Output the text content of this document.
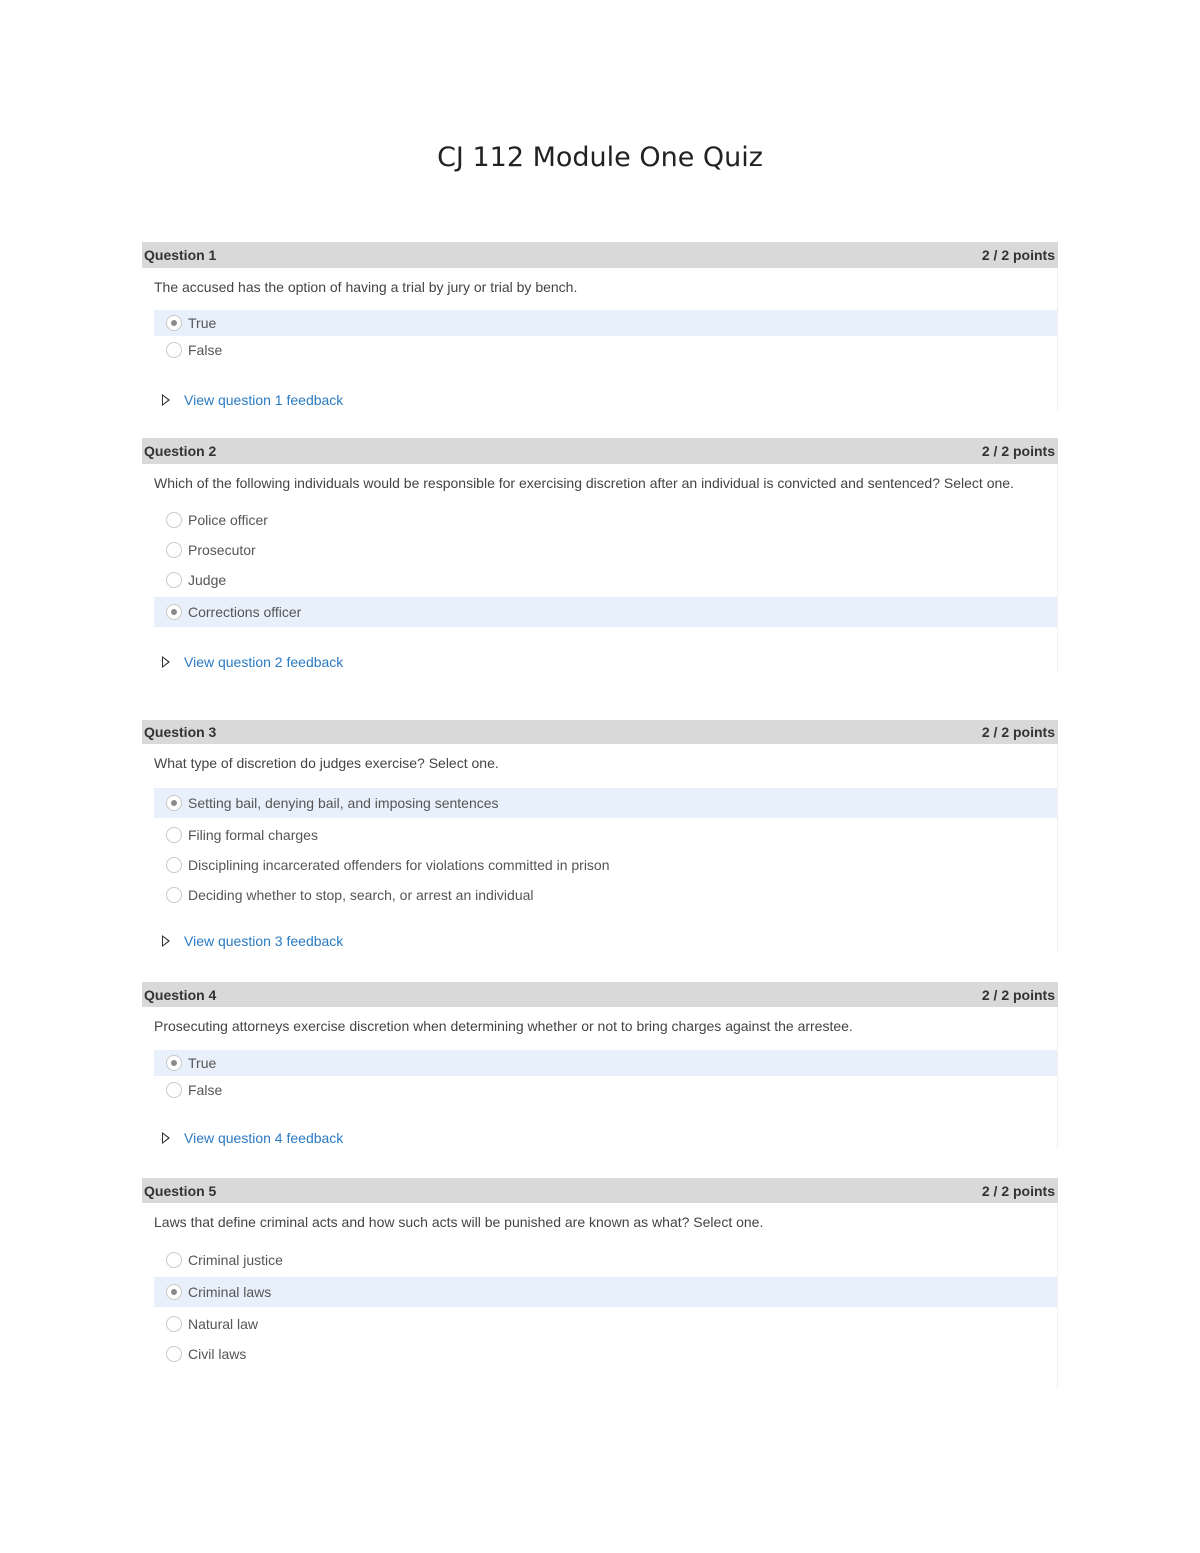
CJ 112 Module One Quiz
Question 1	2 / 2 points
The accused has the option of having a trial by jury or trial by bench.
True
False
View question 1 feedback
Question 2	2 / 2 points
Which of the following individuals would be responsible for exercising discretion after an individual is convicted and sentenced? Select one.
Police officer
Prosecutor
Judge
Corrections officer
View question 2 feedback
Question 3	2 / 2 points
What type of discretion do judges exercise? Select one.
Setting bail, denying bail, and imposing sentences
Filing formal charges
Disciplining incarcerated offenders for violations committed in prison
Deciding whether to stop, search, or arrest an individual
View question 3 feedback
Question 4	2 / 2 points
Prosecuting attorneys exercise discretion when determining whether or not to bring charges against the arrestee.
True
False
View question 4 feedback
Question 5	2 / 2 points
Laws that define criminal acts and how such acts will be punished are known as what? Select one.
Criminal justice
Criminal laws
Natural law
Civil laws
